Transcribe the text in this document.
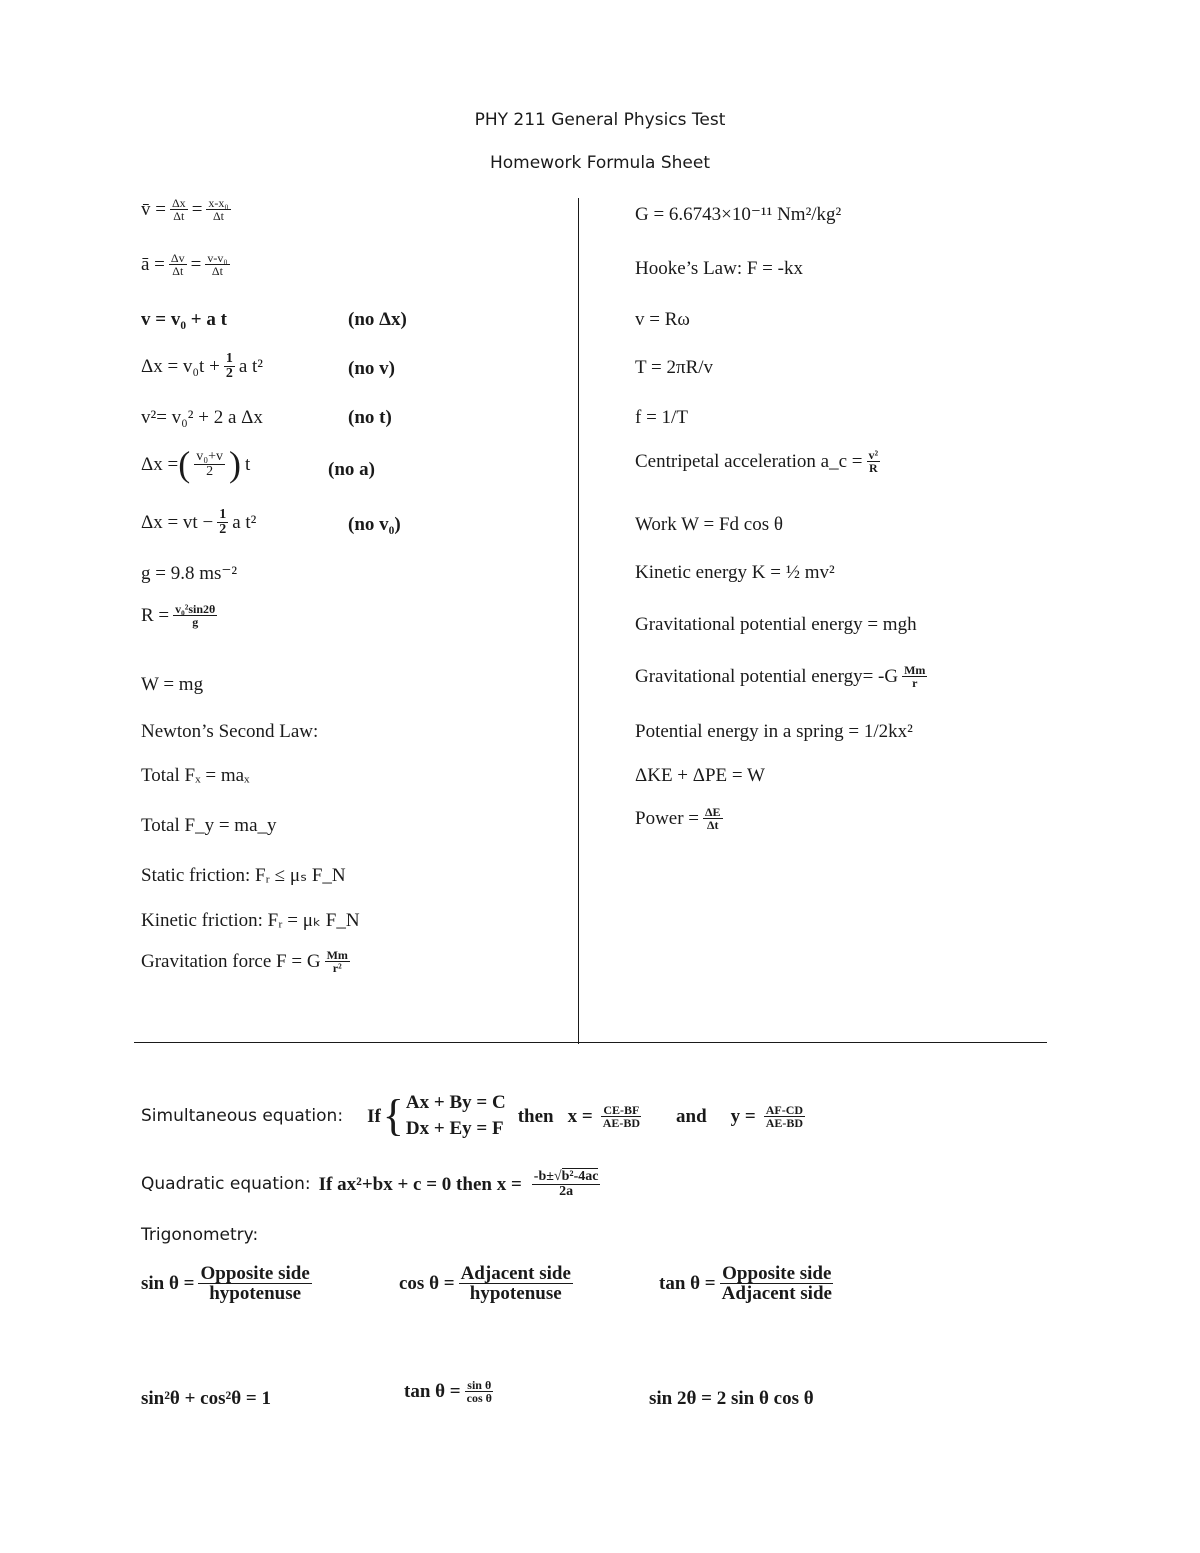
PHY 211 General Physics Test
Homework Formula Sheet
v̄ = $\frac{\Delta x}{\Delta t} = \frac{\text{x-x₀}}{\Delta t}$
ā = $\frac{\Delta v}{\Delta t} = \frac{\text{v-v₀}}{\Delta t}$
v = v₀ + a t	(no Δx)
$\Delta x = v_0t + \frac{1}{2}$ a t²	(no v)
v²= v₀² + 2 a Δx	(no t)
Δx = ( $\frac{\text{v₀+v}}{2}$ ) t	(no a)
Δx = vt − $\frac{1}{2}$ a t²	(no v₀)
g = 9.8 ms⁻²
$R = \frac{\text{v₀²sin2θ}}{g}$
W = mg
Newton’s Second Law:
Total Fₓ = maₓ
Total F_y = ma_y
Static friction: Fᵣ ≤ μₛ F_N
Kinetic friction: Fᵣ = μₖ F_N
Gravitation force F = G $\frac{Mm}{\text{r²}}$
G = 6.6743×10⁻¹¹ Nm²/kg²
Hooke’s Law: F = -kx
v = Rω
T = 2πR/v
f = 1/T
Centripetal acceleration a_c = $\frac{\text{v²}}{R}$
Work W = Fd cos θ
Kinetic energy K = ½ mv²
Gravitational potential energy = mgh
Gravitational potential energy= $-G \frac{Mm}{r}$
Potential energy in a spring = 1/2kx²
ΔKE + ΔPE = W
Power = $\frac{\Delta E}{\Delta t}$
Simultaneous equation: If { Ax + By = C
Dx + Ey = F
then $x = \frac{CE-BF}{AE-BD}$ and $y = \frac{AF-CD}{AE-BD}$
Quadratic equation: If ax²+bx + c = 0 then $x = \frac{\text{-b±√b²-4ac}}{2a}$
Trigonometry:
$\sin \theta = \frac{\text{Opposite side}}{\text{hypotenuse}}$	$\cos \theta = \frac{\text{Adjacent side}}{\text{hypotenuse}}$	$\tan \theta = \frac{\text{Opposite side}}{\text{Adjacent side}}$
sin²θ + cos²θ = 1	$\tan \theta = \frac{\text{sin θ}}{\text{cos θ}}$	sin 2θ = 2 sin θ cos θ
